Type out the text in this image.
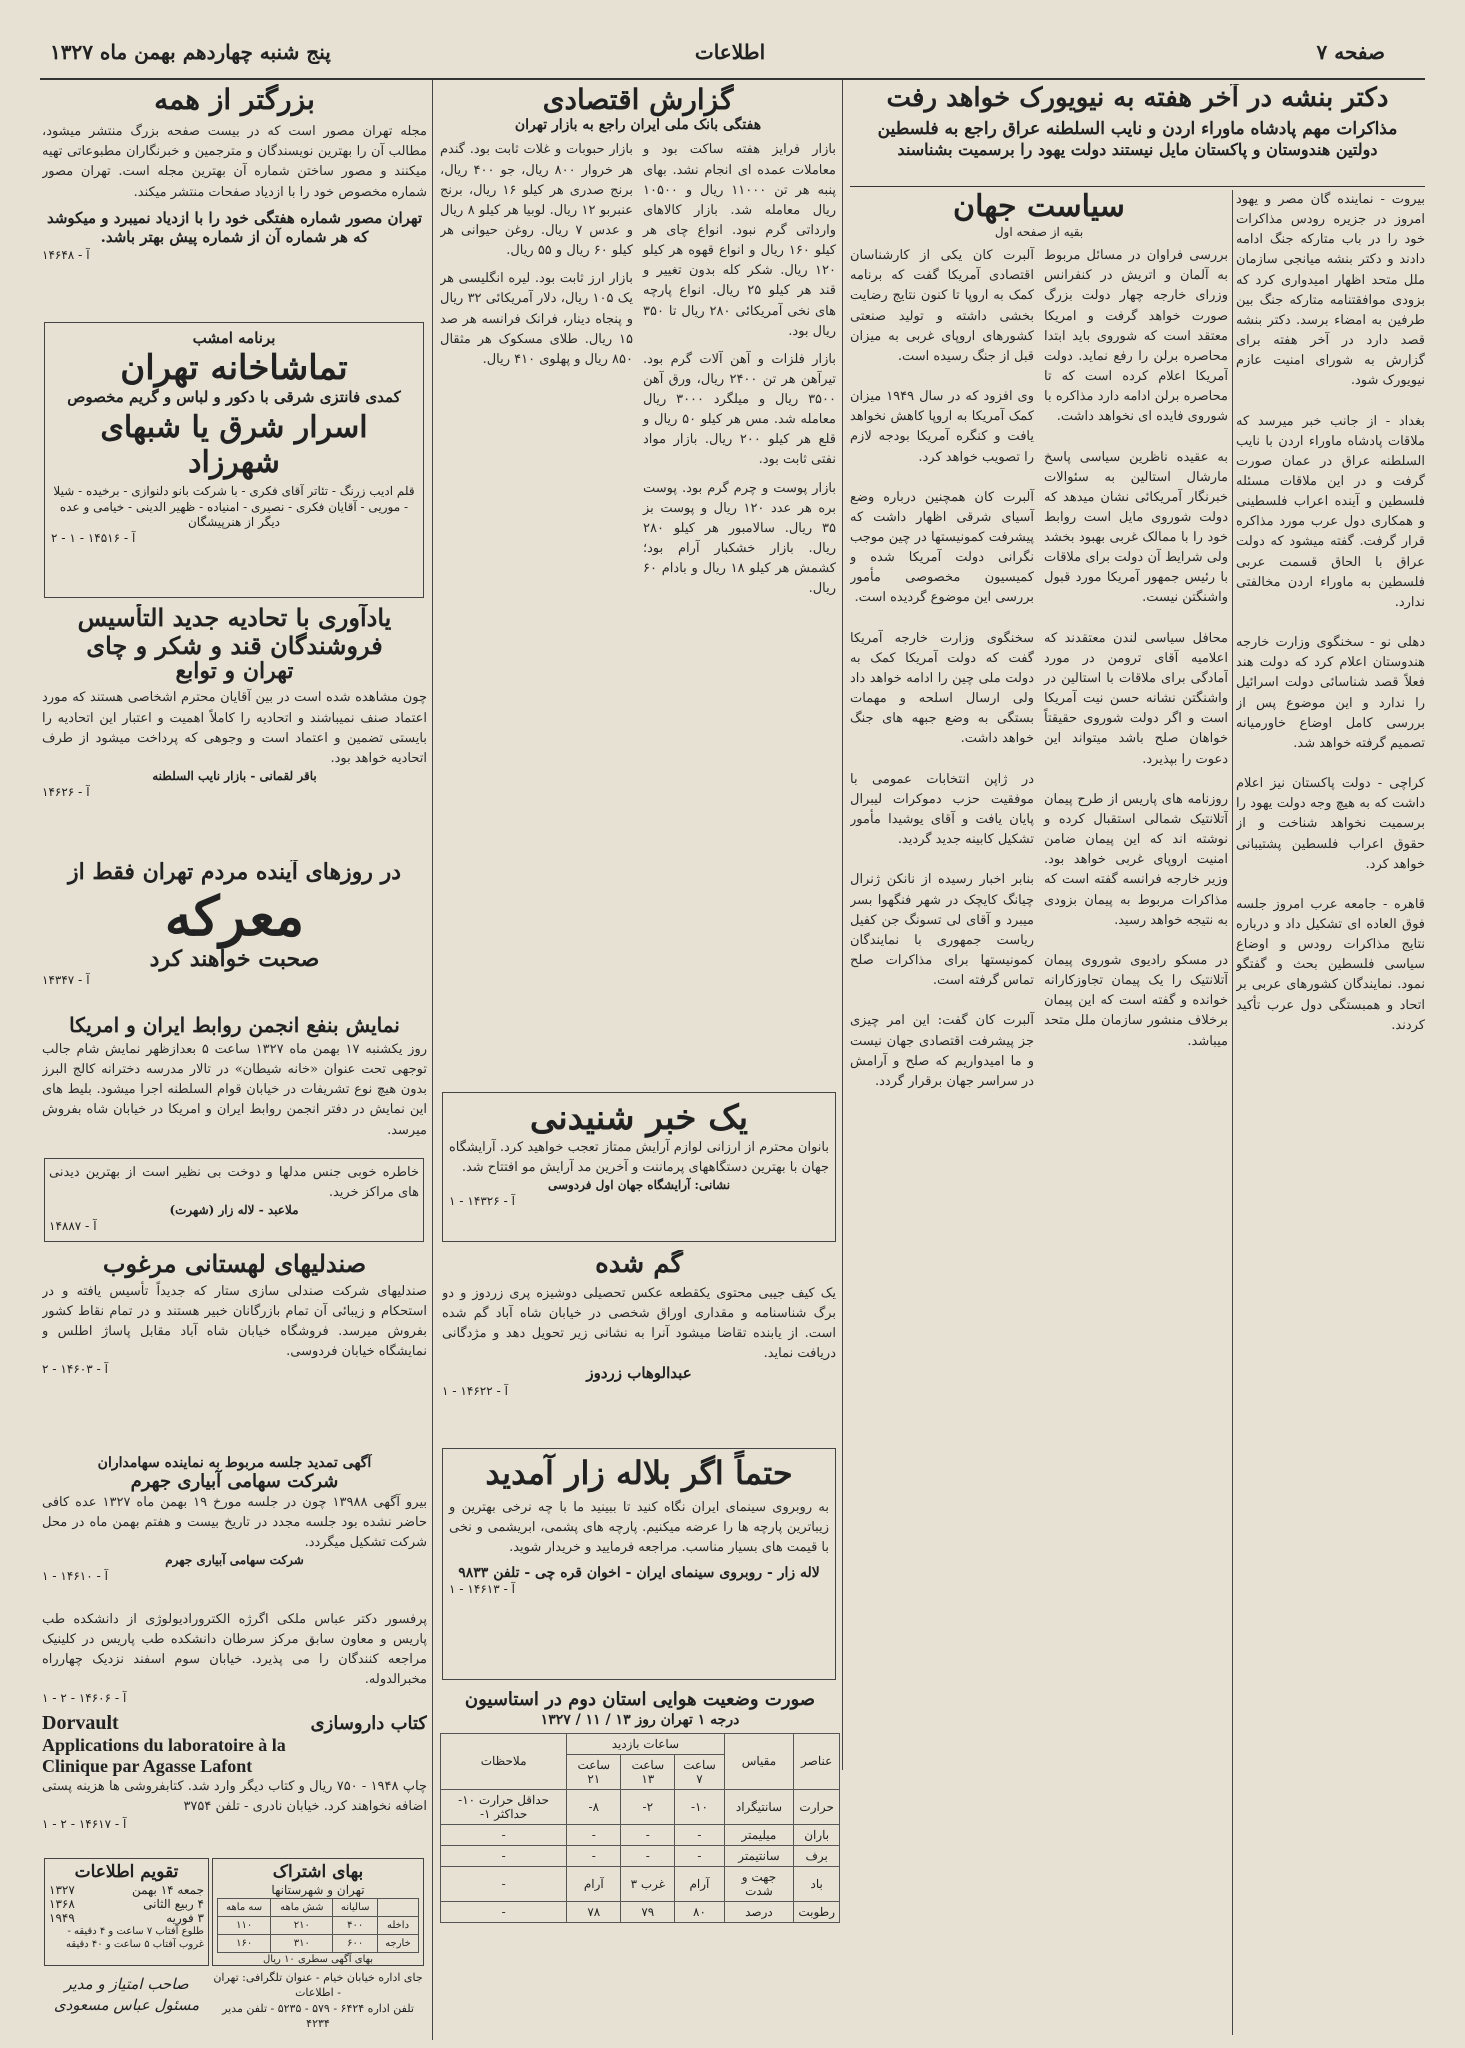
صفحه ۷
اطلاعات
پنج شنبه چهاردهم بهمن ماه ۱۳۲۷
بزرگتر از همه
مجله تهران مصور است که در بیست صفحه بزرگ منتشر میشود، مطالب آن را بهترین نویسندگان و مترجمین و خبرنگاران مطبوعاتی تهیه میکنند و مصور ساختن شماره آن بهترین مجله است. تهران مصور شماره مخصوص خود را با ازدیاد صفحات منتشر میکند.
تهران مصور شماره هفتگی خود را با ازدیاد نمیبرد و میکوشد که هر شماره آن از شماره پیش بهتر باشد.
آ - ۱۴۶۴۸
برنامه امشب
تماشاخانه تهران
کمدی فانتزی شرقی با دکور و لباس و گریم مخصوص
اسرار شرق یا شبهای شهرزاد
قلم ادیب زرنگ - تئاتر آقای فکری - با شرکت بانو دلنوازی - برخیده - شیلا - موریی - آقایان فکری - نصیری - امنیاده - ظهیر الدینی - خیامی و عده دیگر از هنرپیشگان
آ - ۱۴۵۱۶ - ۱ - ۲
یادآوری با تحادیه جدید التأسیس
فروشندگان قند و شکر و چای
تهران و توابع
چون مشاهده شده است در بین آقایان محترم اشخاصی هستند که مورد اعتماد صنف نمیباشند و اتحادیه را کاملاً اهمیت و اعتبار این اتحادیه را بایستی تضمین و اعتماد است و وجوهی که پرداخت میشود از طرف اتحادیه خواهد بود.
باقر لقمانی - بازار نایب السلطنه
آ - ۱۴۶۲۶
در روزهای آینده مردم تهران فقط از
معرکه
صحبت خواهند کرد
آ - ۱۴۳۴۷
نمایش بنفع انجمن روابط ایران و امریکا
روز یکشنبه ۱۷ بهمن ماه ۱۳۲۷ ساعت ۵ بعدازظهر نمایش شام جالب توجهی تحت عنوان «خانه شیطان» در تالار مدرسه دخترانه کالج البرز بدون هیچ نوع تشریفات در خیابان قوام السلطنه اجرا میشود. بلیط های این نمایش در دفتر انجمن روابط ایران و امریکا در خیابان شاه بفروش میرسد.
خاطره خوبی جنس مدلها و دوخت بی نظیر است از بهترین دیدنی های مراکز خرید.
ملاعبد - لاله زار (شهرت)
آ - ۱۴۸۸۷
صندلیهای لهستانی مرغوب
صندلیهای شرکت صندلی سازی ستار که جدیداً تأسیس یافته و در استحکام و زیبائی آن تمام بازرگانان خبیر هستند و در تمام نقاط کشور بفروش میرسد. فروشگاه خیابان شاه آباد مقابل پاساژ اطلس و نمایشگاه خیابان فردوسی.
آ - ۱۴۶۰۳ - ۲
آگهی تمدید جلسه مربوط به نماینده سهامداران
شرکت سهامی آبیاری جهرم
بیرو آگهی ۱۳۹۸۸ چون در جلسه مورخ ۱۹ بهمن ماه ۱۳۲۷ عده کافی حاضر نشده بود جلسه مجدد در تاریخ بیست و هفتم بهمن ماه در محل شرکت تشکیل میگردد.
شرکت سهامی آبیاری جهرم
آ - ۱۴۶۱۰ - ۱
پرفسور دکتر عباس ملکی اگرژه الکترورادیولوژی از دانشکده طب پاریس و معاون سابق مرکز سرطان دانشکده طب پاریس در کلینیک مراجعه کنندگان را می پذیرد. خیابان سوم اسفند نزدیک چهارراه مخبرالدوله.
آ - ۱۴۶۰۶ - ۲ - ۱
کتاب داروسازی
Dorvault
Applications du laboratoire à la
Clinique par Agasse Lafont
چاپ ۱۹۴۸ - ۷۵۰ ریال و کتاب دیگر وارد شد. کتابفروشی ها هزینه پستی اضافه نخواهند کرد. خیابان نادری - تلفن ۳۷۵۴
آ - ۱۴۶۱۷ - ۲ - ۱
تقویم اطلاعات
جمعه ۱۴ بهمن
۱۳۲۷
۴ ربیع الثانی
۱۳۶۸
۳ فوریه
۱۹۴۹
طلوع آفتاب ۷ ساعت و ۴ دقیقه - غروب آفتاب ۵ ساعت و ۴۰ دقیقه
بهای اشتراک
تهران و شهرستانها
	سالیانه	شش ماهه	سه ماهه
داخله	۴۰۰	۲۱۰	۱۱۰
خارجه	۶۰۰	۳۱۰	۱۶۰
بهای آگهی سطری ۱۰ ریال
جای اداره خیابان خیام - عنوان تلگرافی: تهران - اطلاعات
تلفن اداره ۶۴۲۴ - ۵۷۹ - ۵۲۳۵ - تلفن مدیر ۴۲۳۴
صاحب امتیاز و مدیر مسئول عباس مسعودی
گزارش اقتصادی
هفتگی بانک ملی ایران راجع به بازار تهران
بازار فرایز هفته ساکت بود و معاملات عمده ای انجام نشد. بهای پنبه هر تن ۱۱۰۰۰ ریال و ۱۰۵۰۰ ریال معامله شد. بازار کالاهای وارداتی گرم نبود. انواع چای هر کیلو ۱۶۰ ریال و انواع قهوه هر کیلو ۱۲۰ ریال. شکر کله بدون تغییر و قند هر کیلو ۲۵ ریال. انواع پارچه های نخی آمریکائی ۲۸۰ ریال تا ۳۵۰ ریال بود.
بازار فلزات و آهن آلات گرم بود. تیرآهن هر تن ۲۴۰۰ ریال، ورق آهن ۳۵۰۰ ریال و میلگرد ۳۰۰۰ ریال معامله شد. مس هر کیلو ۵۰ ریال و قلع هر کیلو ۲۰۰ ریال. بازار مواد نفتی ثابت بود.
بازار پوست و چرم گرم بود. پوست بره هر عدد ۱۲۰ ریال و پوست بز ۳۵ ریال. سالامبور هر کیلو ۲۸۰ ریال. بازار خشکبار آرام بود؛ کشمش هر کیلو ۱۸ ریال و بادام ۶۰ ریال.
بازار حبوبات و غلات ثابت بود. گندم هر خروار ۸۰۰ ریال، جو ۴۰۰ ریال، برنج صدری هر کیلو ۱۶ ریال، برنج عنبربو ۱۲ ریال. لوبیا هر کیلو ۸ ریال و عدس ۷ ریال. روغن حیوانی هر کیلو ۶۰ ریال و ۵۵ ریال.
بازار ارز ثابت بود. لیره انگلیسی هر یک ۱۰۵ ریال، دلار آمریکائی ۳۲ ریال و پنجاه دینار، فرانک فرانسه هر صد ۱۵ ریال. طلای مسکوک هر مثقال ۸۵۰ ریال و پهلوی ۴۱۰ ریال.
یک خبر شنیدنی
بانوان محترم از ارزانی لوازم آرایش ممتاز تعجب خواهید کرد. آرایشگاه جهان با بهترین دستگاههای پرماننت و آخرین مد آرایش مو افتتاح شد.
نشانی: آرایشگاه جهان اول فردوسی
آ - ۱۴۳۲۶ - ۱
گم شده
یک کیف جیبی محتوی یکقطعه عکس تحصیلی دوشیزه پری زردوز و دو برگ شناسنامه و مقداری اوراق شخصی در خیابان شاه آباد گم شده است. از یابنده تقاضا میشود آنرا به نشانی زیر تحویل دهد و مژدگانی دریافت نماید.
عبدالوهاب زردوز
آ - ۱۴۶۲۲ - ۱
حتماً اگر بلاله زار آمدید
به روبروی سینمای ایران نگاه کنید تا ببینید ما با چه نرخی بهترین و زیباترین پارچه ها را عرضه میکنیم. پارچه های پشمی، ابریشمی و نخی با قیمت های بسیار مناسب. مراجعه فرمایید و خریدار شوید.
لاله زار - روبروی سینمای ایران - اخوان قره چی - تلفن ۹۸۳۳
آ - ۱۴۶۱۳ - ۱
صورت وضعیت هوایی استان دوم در استاسیون
درجه ۱ تهران روز ۱۳ / ۱۱ / ۱۳۲۷
عناصر	مقیاس	ساعات بازدید			ملاحظات
		ساعت ۷	ساعت ۱۳	ساعت ۲۱	
حرارت	سانتیگراد	۱۰-	۲-	۸-	حداقل حرارت ۱۰- حداکثر ۱-
باران	میلیمتر	-	-	-	-
برف	سانتیمتر	-	-	-	-
باد	جهت و شدت	آرام	غرب ۳	آرام	-
رطوبت	درصد	۸۰	۷۹	۷۸	-
دکتر بنشه در آخر هفته به نیویورک خواهد رفت
مذاکرات مهم پادشاه ماوراء اردن و نایب السلطنه عراق راجع به فلسطین
دولتین هندوستان و پاکستان مایل نیستند دولت یهود را برسمیت بشناسند
بیروت - نماینده گان مصر و یهود امروز در جزیره رودس مذاکرات خود را در باب متارکه جنگ ادامه دادند و دکتر بنشه میانجی سازمان ملل متحد اظهار امیدواری کرد که بزودی موافقتنامه متارکه جنگ بین طرفین به امضاء برسد. دکتر بنشه قصد دارد در آخر هفته برای گزارش به شورای امنیت عازم نیویورک شود.

بغداد - از جانب خبر میرسد که ملاقات پادشاه ماوراء اردن با نایب السلطنه عراق در عمان صورت گرفت و در این ملاقات مسئله فلسطین و آینده اعراب فلسطینی و همکاری دول عرب مورد مذاکره قرار گرفت. گفته میشود که دولت عراق با الحاق قسمت عربی فلسطین به ماوراء اردن مخالفتی ندارد.

دهلی نو - سخنگوی وزارت خارجه هندوستان اعلام کرد که دولت هند فعلاً قصد شناسائی دولت اسرائیل را ندارد و این موضوع پس از بررسی کامل اوضاع خاورمیانه تصمیم گرفته خواهد شد.

کراچی - دولت پاکستان نیز اعلام داشت که به هیچ وجه دولت یهود را برسمیت نخواهد شناخت و از حقوق اعراب فلسطین پشتیبانی خواهد کرد.

قاهره - جامعه عرب امروز جلسه فوق العاده ای تشکیل داد و درباره نتایج مذاکرات رودس و اوضاع سیاسی فلسطین بحث و گفتگو نمود. نمایندگان کشورهای عربی بر اتحاد و همبستگی دول عرب تأکید کردند.
سیاست جهان
بقیه از صفحه اول
بررسی فراوان در مسائل مربوط به آلمان و اتریش در کنفرانس وزرای خارجه چهار دولت بزرگ صورت خواهد گرفت و امریکا معتقد است که شوروی باید ابتدا محاصره برلن را رفع نماید. دولت آمریکا اعلام کرده است که تا محاصره برلن ادامه دارد مذاکره با شوروی فایده ای نخواهد داشت.

به عقیده ناظرین سیاسی پاسخ مارشال استالین به سئوالات خبرنگار آمریکائی نشان میدهد که دولت شوروی مایل است روابط خود را با ممالک غربی بهبود بخشد ولی شرایط آن دولت برای ملاقات با رئیس جمهور آمریکا مورد قبول واشنگتن نیست.

محافل سیاسی لندن معتقدند که اعلامیه آقای ترومن در مورد آمادگی برای ملاقات با استالین در واشنگتن نشانه حسن نیت آمریکا است و اگر دولت شوروی حقیقتاً خواهان صلح باشد میتواند این دعوت را بپذیرد.

روزنامه های پاریس از طرح پیمان آتلانتیک شمالی استقبال کرده و نوشته اند که این پیمان ضامن امنیت اروپای غربی خواهد بود. وزیر خارجه فرانسه گفته است که مذاکرات مربوط به پیمان بزودی به نتیجه خواهد رسید.

در مسکو رادیوی شوروی پیمان آتلانتیک را یک پیمان تجاوزکارانه خوانده و گفته است که این پیمان برخلاف منشور سازمان ملل متحد میباشد.
آلبرت کان یکی از کارشناسان اقتصادی آمریکا گفت که برنامه کمک به اروپا تا کنون نتایج رضایت بخشی داشته و تولید صنعتی کشورهای اروپای غربی به میزان قبل از جنگ رسیده است.

وی افزود که در سال ۱۹۴۹ میزان کمک آمریکا به اروپا کاهش نخواهد یافت و کنگره آمریکا بودجه لازم را تصویب خواهد کرد.

آلبرت کان همچنین درباره وضع آسیای شرقی اظهار داشت که پیشرفت کمونیستها در چین موجب نگرانی دولت آمریکا شده و کمیسیون مخصوصی مأمور بررسی این موضوع گردیده است.

سخنگوی وزارت خارجه آمریکا گفت که دولت آمریکا کمک به دولت ملی چین را ادامه خواهد داد ولی ارسال اسلحه و مهمات بستگی به وضع جبهه های جنگ خواهد داشت.

در ژاپن انتخابات عمومی با موفقیت حزب دموکرات لیبرال پایان یافت و آقای یوشیدا مأمور تشکیل کابینه جدید گردید.

بنابر اخبار رسیده از نانکن ژنرال چیانگ کایچک در شهر فنگهوا بسر میبرد و آقای لی تسونگ جن کفیل ریاست جمهوری با نمایندگان کمونیستها برای مذاکرات صلح تماس گرفته است.

آلبرت کان گفت: این امر چیزی جز پیشرفت اقتصادی جهان نیست و ما امیدواریم که صلح و آرامش در سراسر جهان برقرار گردد.
